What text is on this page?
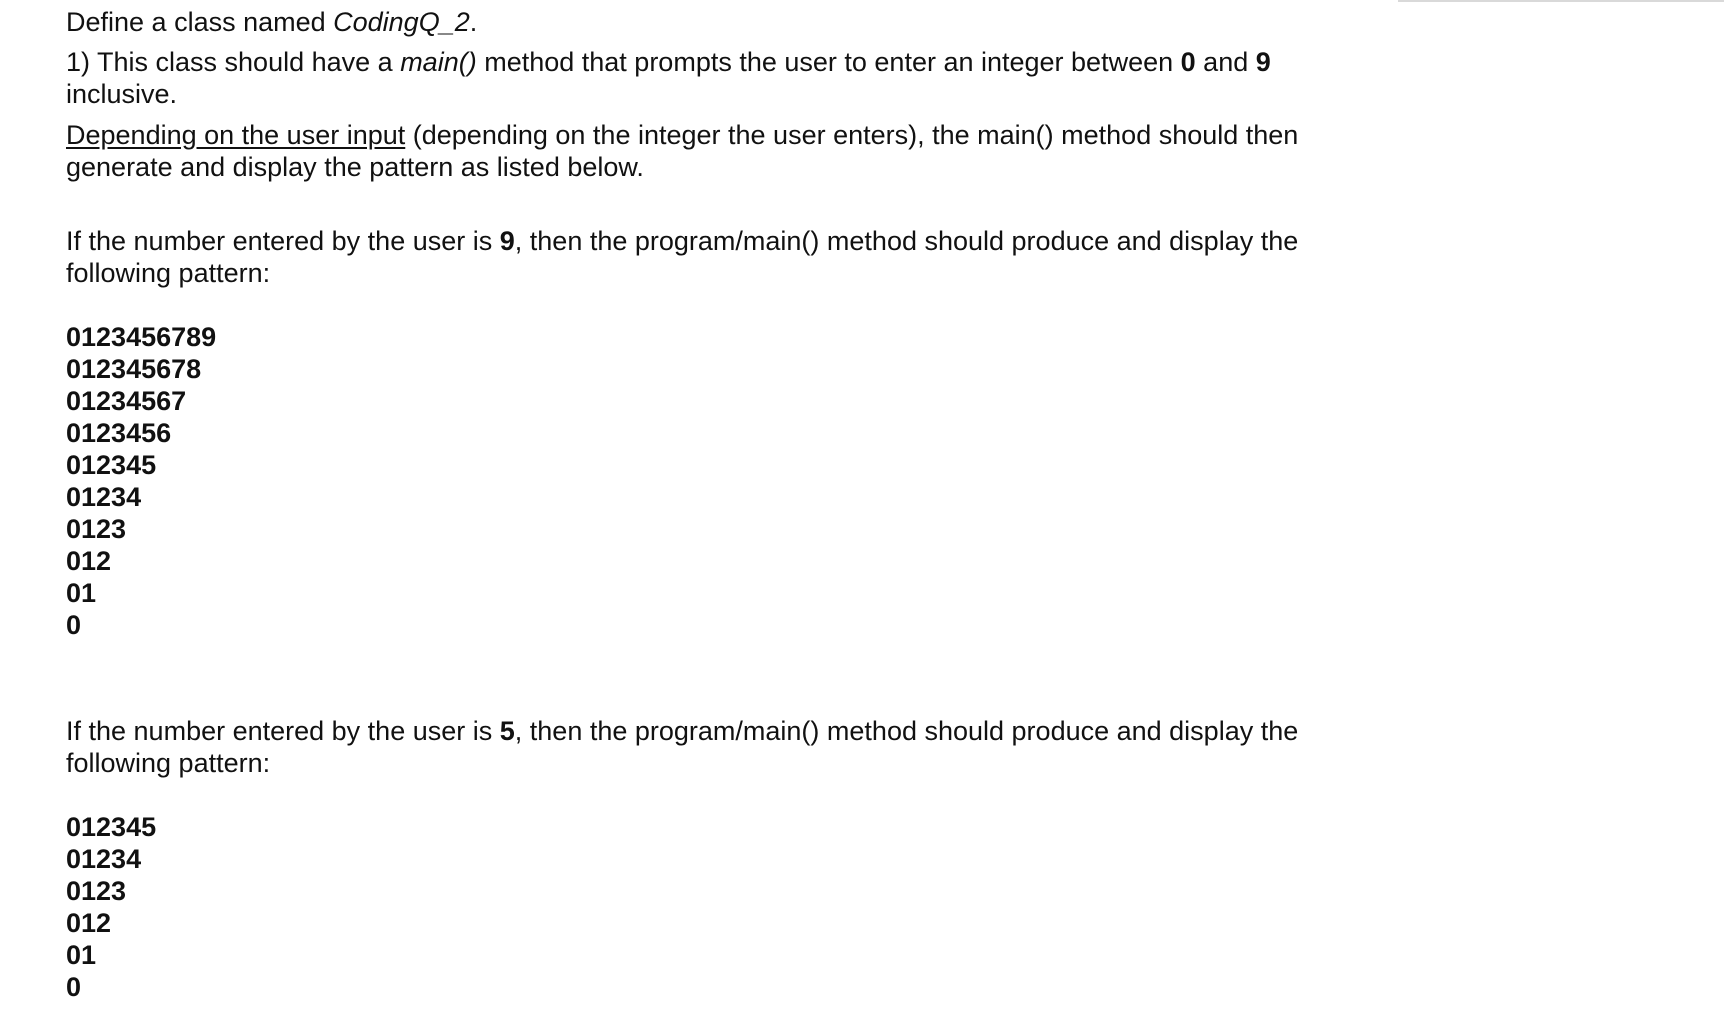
Define a class named CodingQ_2.

1) This class should have a main() method that prompts the user to enter an integer between 0 and 9 inclusive.

Depending on the user input (depending on the integer the user enters), the main() method should then generate and display the pattern as listed below.

If the number entered by the user is 9, then the program/main() method should produce and display the following pattern:

0123456789
012345678
01234567
0123456
012345
01234
0123
012
01
0

If the number entered by the user is 5, then the program/main() method should produce and display the following pattern:

012345
01234
0123
012
01
0
